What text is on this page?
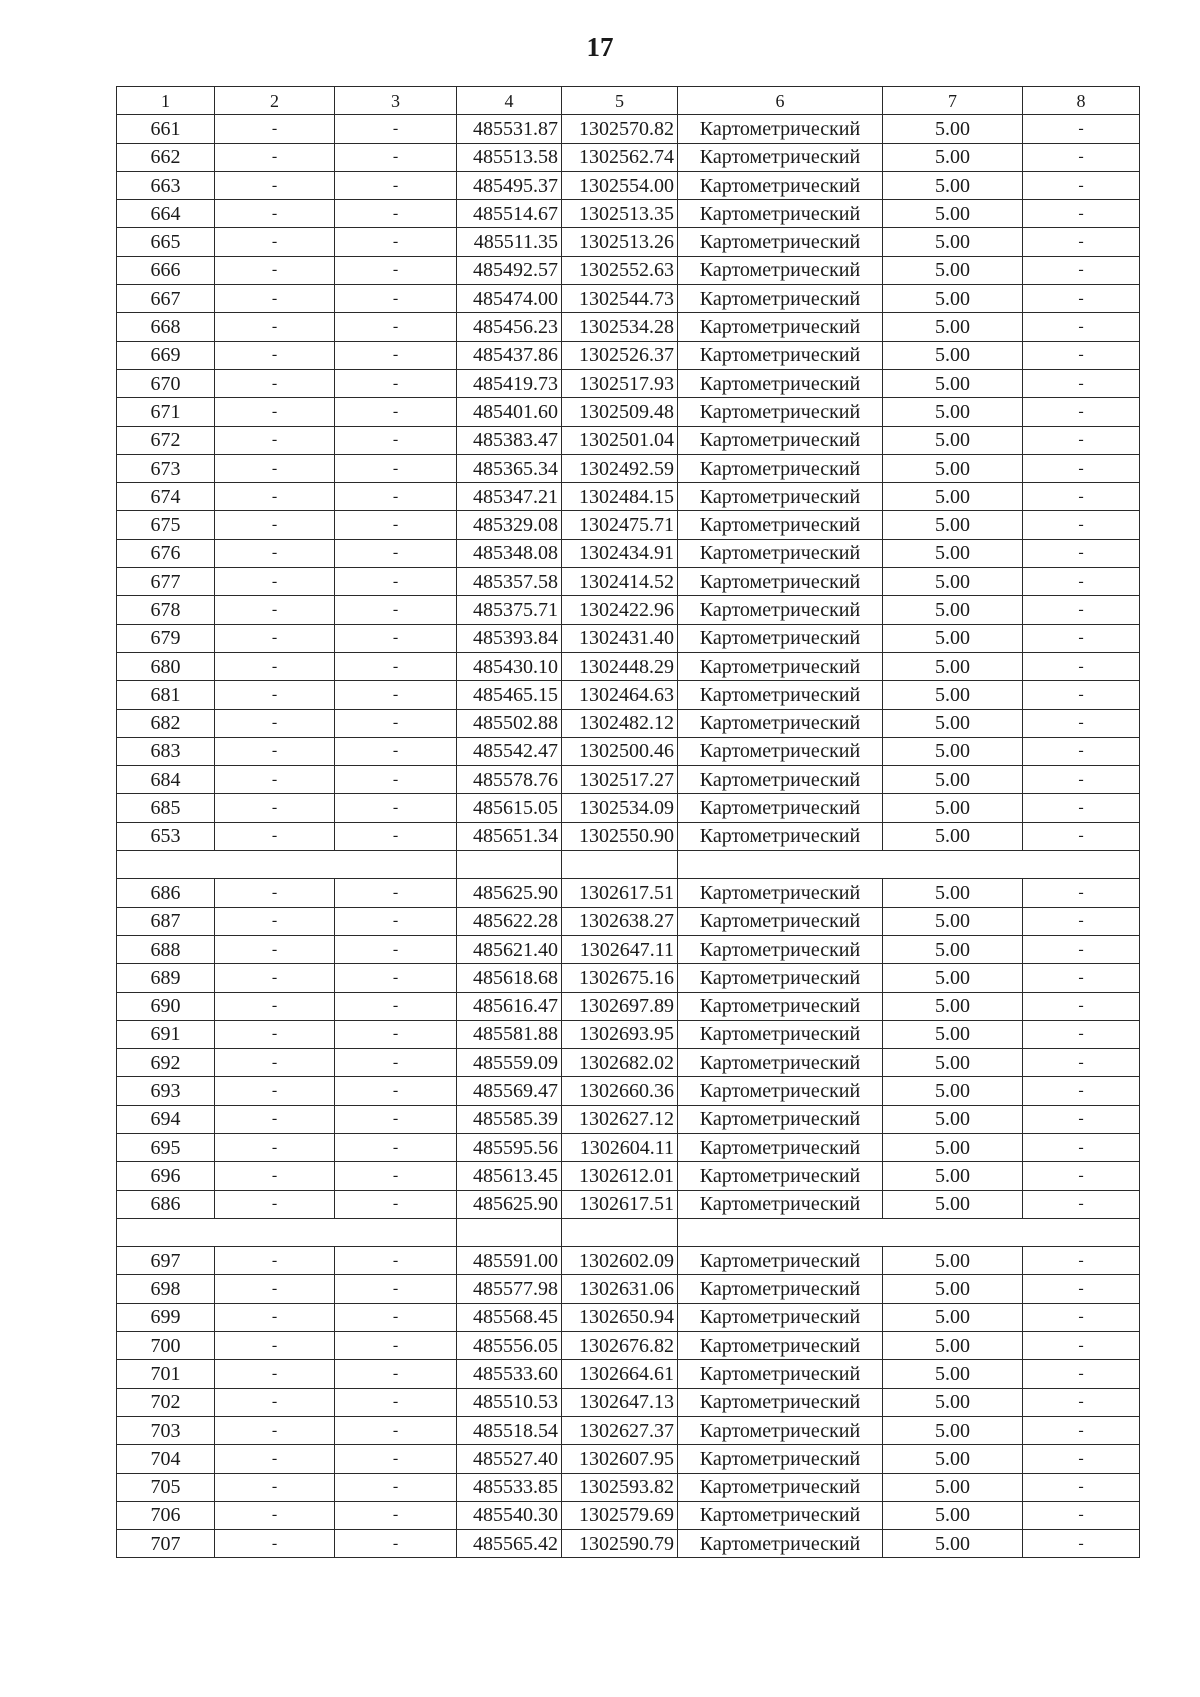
17
1	2	3	4	5	6	7	8
661	-	-	485531.87	1302570.82	Картометрический	5.00	-
662	-	-	485513.58	1302562.74	Картометрический	5.00	-
663	-	-	485495.37	1302554.00	Картометрический	5.00	-
664	-	-	485514.67	1302513.35	Картометрический	5.00	-
665	-	-	485511.35	1302513.26	Картометрический	5.00	-
666	-	-	485492.57	1302552.63	Картометрический	5.00	-
667	-	-	485474.00	1302544.73	Картометрический	5.00	-
668	-	-	485456.23	1302534.28	Картометрический	5.00	-
669	-	-	485437.86	1302526.37	Картометрический	5.00	-
670	-	-	485419.73	1302517.93	Картометрический	5.00	-
671	-	-	485401.60	1302509.48	Картометрический	5.00	-
672	-	-	485383.47	1302501.04	Картометрический	5.00	-
673	-	-	485365.34	1302492.59	Картометрический	5.00	-
674	-	-	485347.21	1302484.15	Картометрический	5.00	-
675	-	-	485329.08	1302475.71	Картометрический	5.00	-
676	-	-	485348.08	1302434.91	Картометрический	5.00	-
677	-	-	485357.58	1302414.52	Картометрический	5.00	-
678	-	-	485375.71	1302422.96	Картометрический	5.00	-
679	-	-	485393.84	1302431.40	Картометрический	5.00	-
680	-	-	485430.10	1302448.29	Картометрический	5.00	-
681	-	-	485465.15	1302464.63	Картометрический	5.00	-
682	-	-	485502.88	1302482.12	Картометрический	5.00	-
683	-	-	485542.47	1302500.46	Картометрический	5.00	-
684	-	-	485578.76	1302517.27	Картометрический	5.00	-
685	-	-	485615.05	1302534.09	Картометрический	5.00	-
653	-	-	485651.34	1302550.90	Картометрический	5.00	-

686	-	-	485625.90	1302617.51	Картометрический	5.00	-
687	-	-	485622.28	1302638.27	Картометрический	5.00	-
688	-	-	485621.40	1302647.11	Картометрический	5.00	-
689	-	-	485618.68	1302675.16	Картометрический	5.00	-
690	-	-	485616.47	1302697.89	Картометрический	5.00	-
691	-	-	485581.88	1302693.95	Картометрический	5.00	-
692	-	-	485559.09	1302682.02	Картометрический	5.00	-
693	-	-	485569.47	1302660.36	Картометрический	5.00	-
694	-	-	485585.39	1302627.12	Картометрический	5.00	-
695	-	-	485595.56	1302604.11	Картометрический	5.00	-
696	-	-	485613.45	1302612.01	Картометрический	5.00	-
686	-	-	485625.90	1302617.51	Картометрический	5.00	-

697	-	-	485591.00	1302602.09	Картометрический	5.00	-
698	-	-	485577.98	1302631.06	Картометрический	5.00	-
699	-	-	485568.45	1302650.94	Картометрический	5.00	-
700	-	-	485556.05	1302676.82	Картометрический	5.00	-
701	-	-	485533.60	1302664.61	Картометрический	5.00	-
702	-	-	485510.53	1302647.13	Картометрический	5.00	-
703	-	-	485518.54	1302627.37	Картометрический	5.00	-
704	-	-	485527.40	1302607.95	Картометрический	5.00	-
705	-	-	485533.85	1302593.82	Картометрический	5.00	-
706	-	-	485540.30	1302579.69	Картометрический	5.00	-
707	-	-	485565.42	1302590.79	Картометрический	5.00	-
